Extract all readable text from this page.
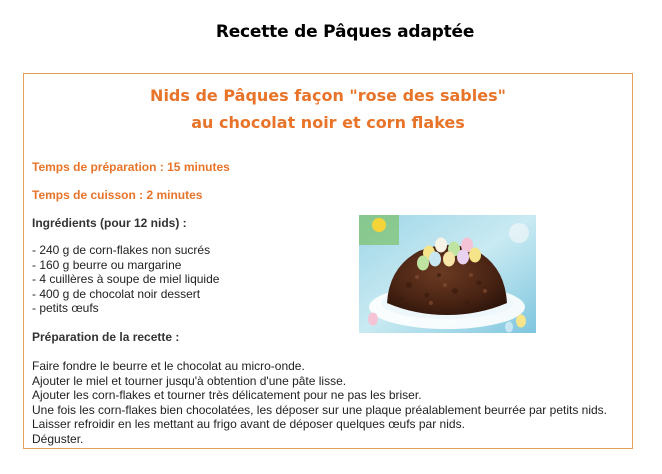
Recette de Pâques adaptée
Nids de Pâques façon "rose des sables"
au chocolat noir et corn flakes
Temps de préparation : 15 minutes
Temps de cuisson : 2 minutes
Ingrédients (pour 12 nids) :
- 240 g de corn-flakes non sucrés
- 160 g beurre ou margarine
- 4 cuillères à soupe de miel liquide
- 400 g de chocolat noir dessert
- petits œufs
Préparation de la recette :
Faire fondre le beurre et le chocolat au micro-onde.
Ajouter le miel et tourner jusqu'à obtention d'une pâte lisse.
Ajouter les corn-flakes et tourner très délicatement pour ne pas les briser.
Une fois les corn-flakes bien chocolatées, les déposer sur une plaque préalablement beurrée par petits nids.
Laisser refroidir en les mettant au frigo avant de déposer quelques œufs par nids.
Déguster.
